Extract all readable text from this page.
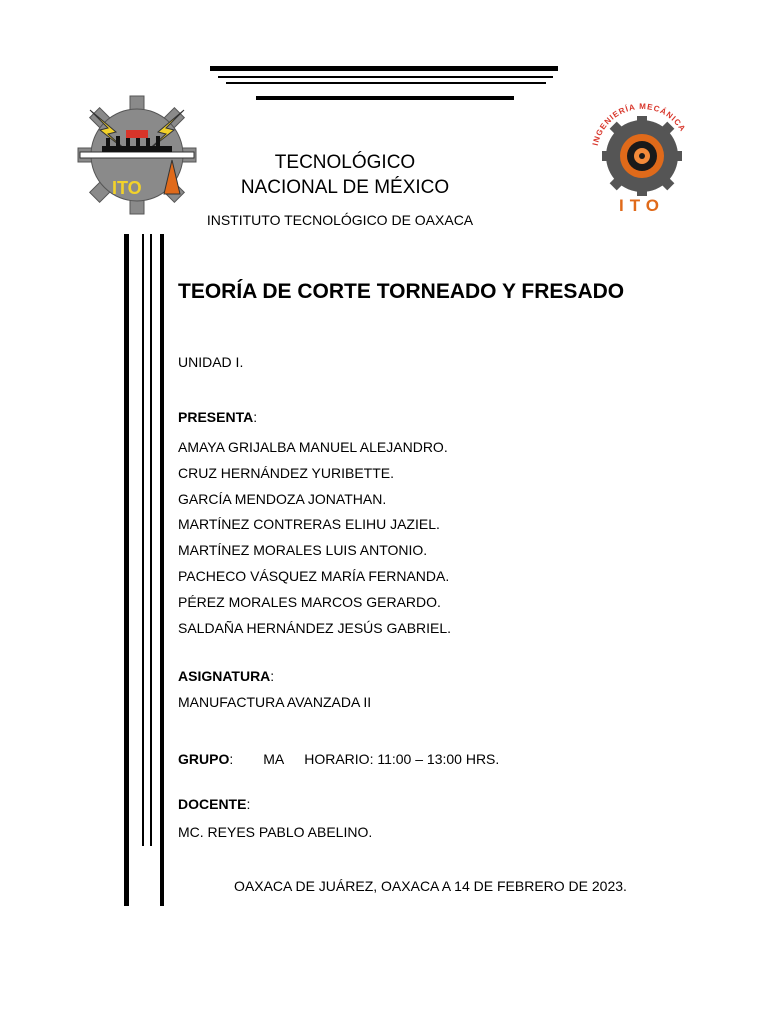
ITO
INGENIERÍA MECÁNICA
ITO
TECNOLÓGICO NACIONAL DE MÉXICO
INSTITUTO TECNOLÓGICO DE OAXACA
TEORÍA DE CORTE TORNEADO Y FRESADO
UNIDAD I.
PRESENTA:
AMAYA GRIJALBA MANUEL ALEJANDRO.
CRUZ HERNÁNDEZ YURIBETTE.
GARCÍA MENDOZA JONATHAN.
MARTÍNEZ CONTRERAS ELIHU JAZIEL.
MARTÍNEZ MORALES LUIS ANTONIO.
PACHECO VÁSQUEZ MARÍA FERNANDA.
PÉREZ MORALES MARCOS GERARDO.
SALDAÑA HERNÁNDEZ JESÚS GABRIEL.
ASIGNATURA:
MANUFACTURA AVANZADA II
GRUPO: MA HORARIO: 11:00 – 13:00 HRS.
DOCENTE:
MC. REYES PABLO ABELINO.
OAXACA DE JUÁREZ, OAXACA A 14 DE FEBRERO DE 2023.
